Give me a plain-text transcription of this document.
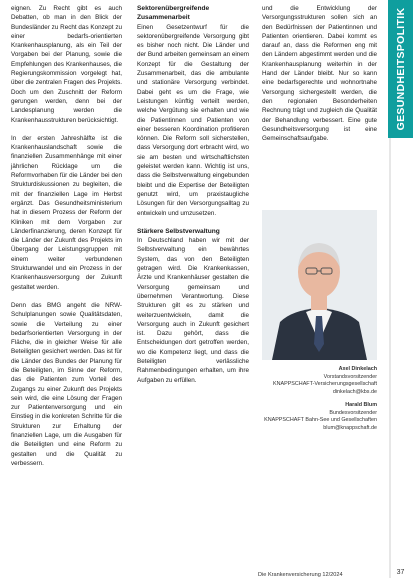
GESUNDHEITSPOLITIK

eignen. Zu Recht gibt es auch Debatten, ob man in den Blick der Bundesländer zu Recht das Konzept zu einer bedarfs-orientierten Krankenhausplanung, als ein Teil der Vorgaben bei der Planung, sowie die Empfehlungen des Krankenhauses, die Regierungskommission vorgelegt hat, über die zentralen Fragen des Projekts. Doch um den Zuschnitt der Reform gerungen werden, denn bei der Landesplanung werden die Krankenhausstrukturen berücksichtigt.

In der ersten Jahreshälfte ist die Krankenhauslandschaft sowie die finanziellen Zusammenhänge mit einer jährlichen Rücklage um die Reformvorhaben für die Länder bei den Strukturdiskussionen zu begleiten, die mit der finanziellen Lage im Herbst ergänzt. Das Gesundheitsministerium hat in diesem Prozess der Reform der Kliniken mit dem Vorgaben zur Länderfinanzierung, deren Konzept für die Länder der Zukunft des Projekts im Übergang der Leistungsgruppen mit einem weiter verbundenen Strukturwandel und ein Prozess in der Krankenhausversorgung der Zukunft gestaltet werden.

Denn das BMG angeht die NRW-Schulplanungen sowie Qualitätsdaten, sowie die Verteilung zu einer bedarfsorientierten Versorgung in der Fläche, die in gleicher Weise für alle Beteiligten gesichert werden. Das ist für die Länder des Bundes der Planung für die Beteiligten, im Sinne der Reform, das die Patienten zum Vorteil des Zugangs zu einer Zukunft des Projekts sein wird, die eine Lösung der Fragen zur Patientenversorgung und ein Einstieg in die konkreten Schritte für die Strukturen zur Erhaltung der finanziellen Lage, um die Ausgaben für die Beteiligten und eine Reform zu gestalten und die Qualität zu verbessern.

Sektorenübergreifende Zusammenarbeit

Einen Gesetzentwurf für die sektorenübergreifende Versorgung gibt es bisher noch nicht. Die Länder und der Bund arbeiten gemeinsam an einem Konzept für die Gestaltung der Zusammenarbeit, das die ambulante und stationäre Versorgung verbindet. Dabei geht es um die Frage, wie Leistungen künftig verteilt werden, welche Vergütung sie erhalten und wie die Patientinnen und Patienten von einer besseren Koordination profitieren können. Die Reform soll sicherstellen, dass Versorgung dort erbracht wird, wo sie am besten und wirtschaftlichsten geleistet werden kann. Wichtig ist uns, dass die Selbstverwaltung eingebunden bleibt und die Expertise der Beteiligten genutzt wird, um praxistaugliche Lösungen für den Versorgungsalltag zu entwickeln und umzusetzen.

Stärkere Selbstverwaltung

In Deutschland haben wir mit der Selbstverwaltung ein bewährtes System, das von den Beteiligten getragen wird. Die Krankenkassen, Ärzte und Krankenhäuser gestalten die Versorgung gemeinsam und übernehmen Verantwortung. Diese Strukturen gilt es zu stärken und weiterzuentwickeln, damit die Versorgung auch in Zukunft gesichert ist. Dazu gehört, dass die Entscheidungen dort getroffen werden, wo die Kompetenz liegt, und dass die Beteiligten verlässliche Rahmenbedingungen erhalten, um ihre Aufgaben zu erfüllen.

und die Entwicklung der Versorgungsstrukturen sollen sich an den Bedürfnissen der Patientinnen und Patienten orientieren. Dabei kommt es darauf an, dass die Reformen eng mit den Ländern abgestimmt werden und die Krankenhausplanung weiterhin in der Hand der Länder bleibt. Nur so kann eine bedarfsgerechte und wohnortnahe Versorgung sichergestellt werden, die den regionalen Besonderheiten Rechnung trägt und zugleich die Qualität der Behandlung verbessert. Eine gute Gesundheitsversorgung ist eine Gemeinschaftsaufgabe.

Axel Dinkelach
Vorstandsvorsitzender
KNAPPSCHAFT-Versicherungsgesellschaft
dinkelach@kbs.de
Harald Blum
Bundesvorsitzender
KNAPPSCHAFT Bahn-See und Gesellschaften
blum@knappschaft.de
Die Krankenversicherung 12/2024	37
